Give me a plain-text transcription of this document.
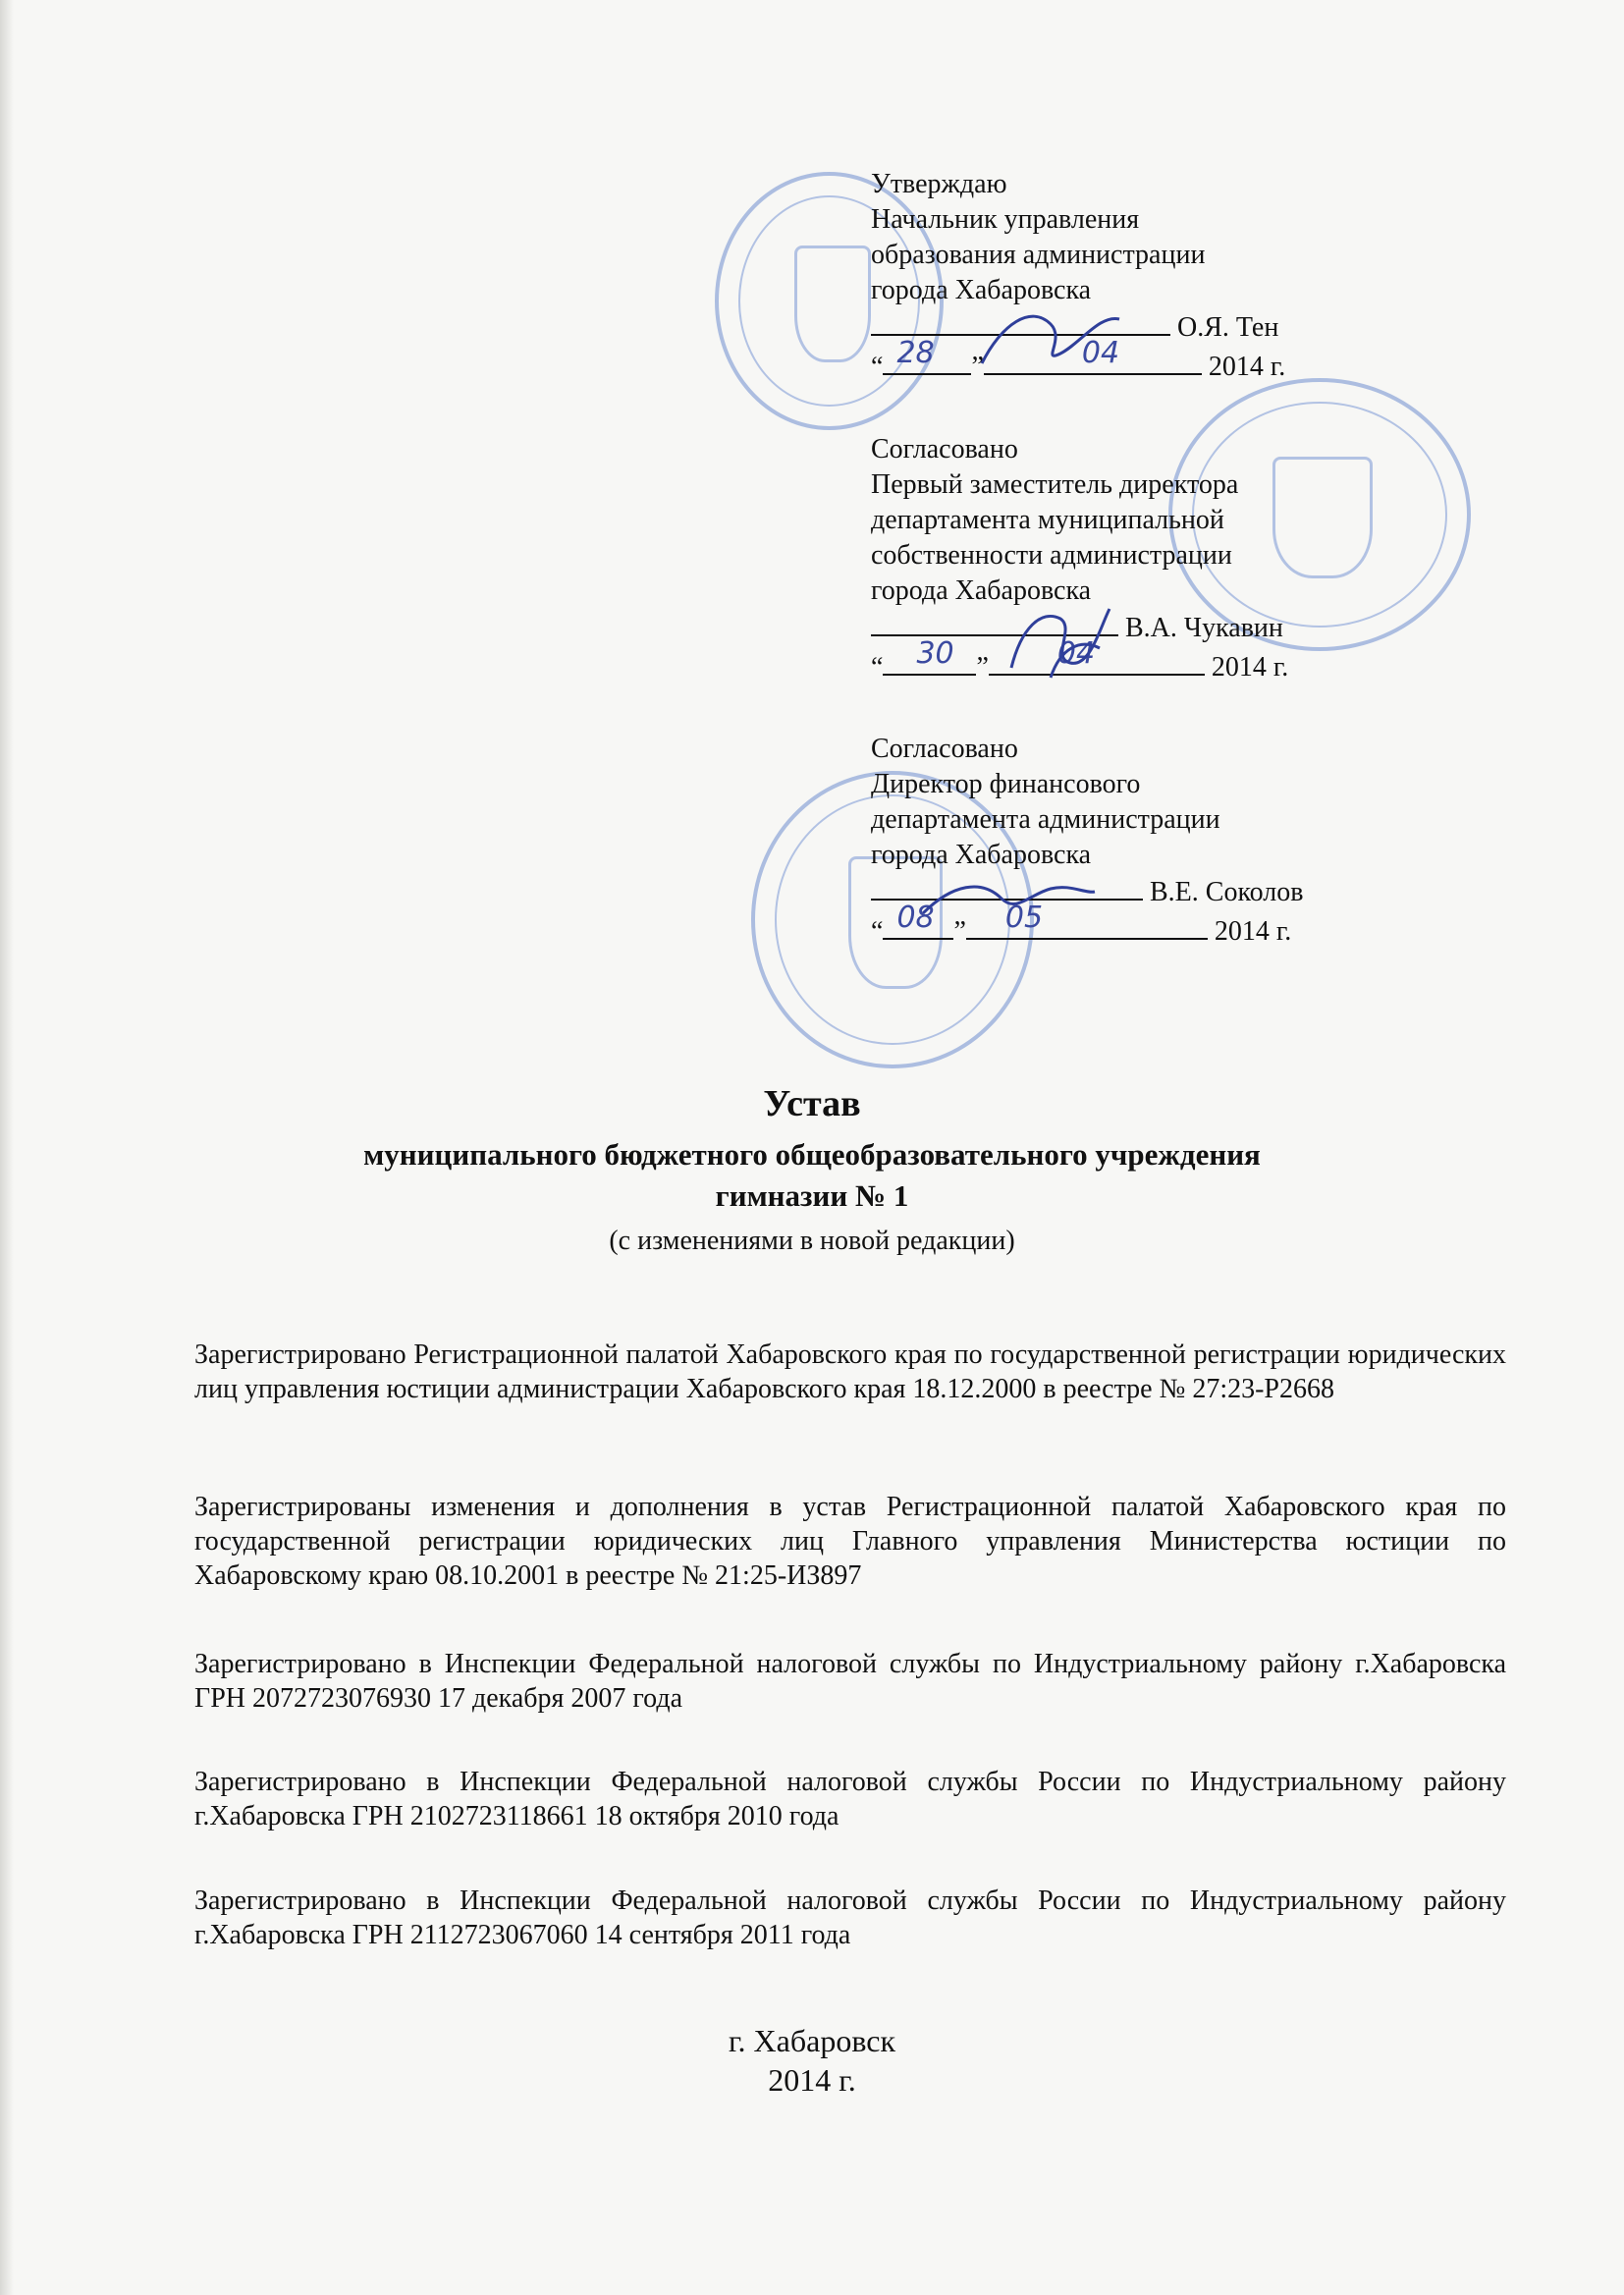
Утверждаю
Начальник управления
образования администрации
города Хабаровска
О.Я. Тен
“ 28 ”	04	2014 г.
Согласовано
Первый заместитель директора
департамента муниципальной
собственности администрации
города Хабаровска
В.А. Чукавин
“ 30 ” 04	2014 г.
Согласовано
Директор финансового
департамента администрации
города Хабаровска
В.Е. Соколов
“ 08 ” 05	2014 г.
Устав
муниципального бюджетного общеобразовательного учреждения
гимназии № 1
(с изменениями в новой редакции)
Зарегистрировано Регистрационной палатой Хабаровского края по государственной регистрации юридических лиц управления юстиции администрации Хабаровского края 18.12.2000 в реестре № 27:23-Р2668
Зарегистрированы изменения и дополнения в устав Регистрационной палатой Хабаровского края по государственной регистрации юридических лиц Главного управления Министерства юстиции по Хабаровскому краю 08.10.2001 в реестре № 21:25-ИЗ897
Зарегистрировано в Инспекции Федеральной налоговой службы по Индустриальному району г.Хабаровска ГРН 2072723076930 17 декабря 2007 года
Зарегистрировано в Инспекции Федеральной налоговой службы России по Индустриальному району г.Хабаровска ГРН 2102723118661 18 октября 2010 года
Зарегистрировано в Инспекции Федеральной налоговой службы России по Индустриальному району г.Хабаровска ГРН 2112723067060 14 сентября 2011 года
г. Хабаровск
2014 г.
